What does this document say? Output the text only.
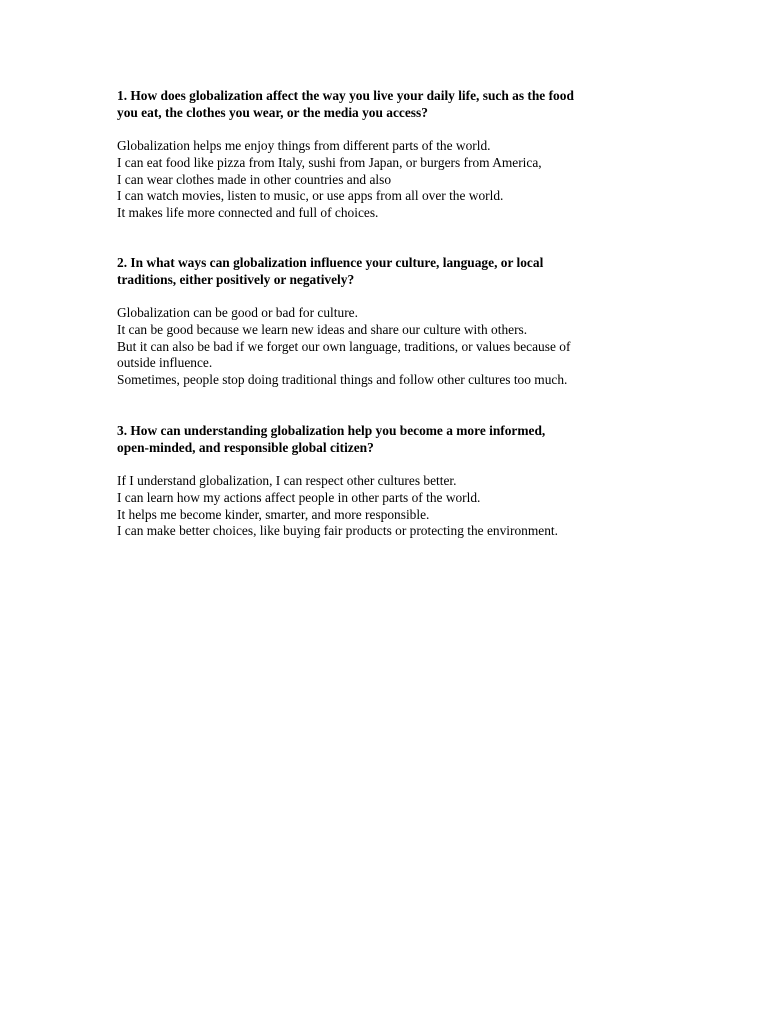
1. How does globalization affect the way you live your daily life, such as the food
you eat, the clothes you wear, or the media you access?

Globalization helps me enjoy things from different parts of the world.
I can eat food like pizza from Italy, sushi from Japan, or burgers from America,
I can wear clothes made in other countries and also
I can watch movies, listen to music, or use apps from all over the world.
It makes life more connected and full of choices.

2. In what ways can globalization influence your culture, language, or local
traditions, either positively or negatively?

Globalization can be good or bad for culture.
It can be good because we learn new ideas and share our culture with others.
But it can also be bad if we forget our own language, traditions, or values because of
outside influence.
Sometimes, people stop doing traditional things and follow other cultures too much.

3. How can understanding globalization help you become a more informed,
open-minded, and responsible global citizen?

If I understand globalization, I can respect other cultures better.
I can learn how my actions affect people in other parts of the world.
It helps me become kinder, smarter, and more responsible.
I can make better choices, like buying fair products or protecting the environment.
